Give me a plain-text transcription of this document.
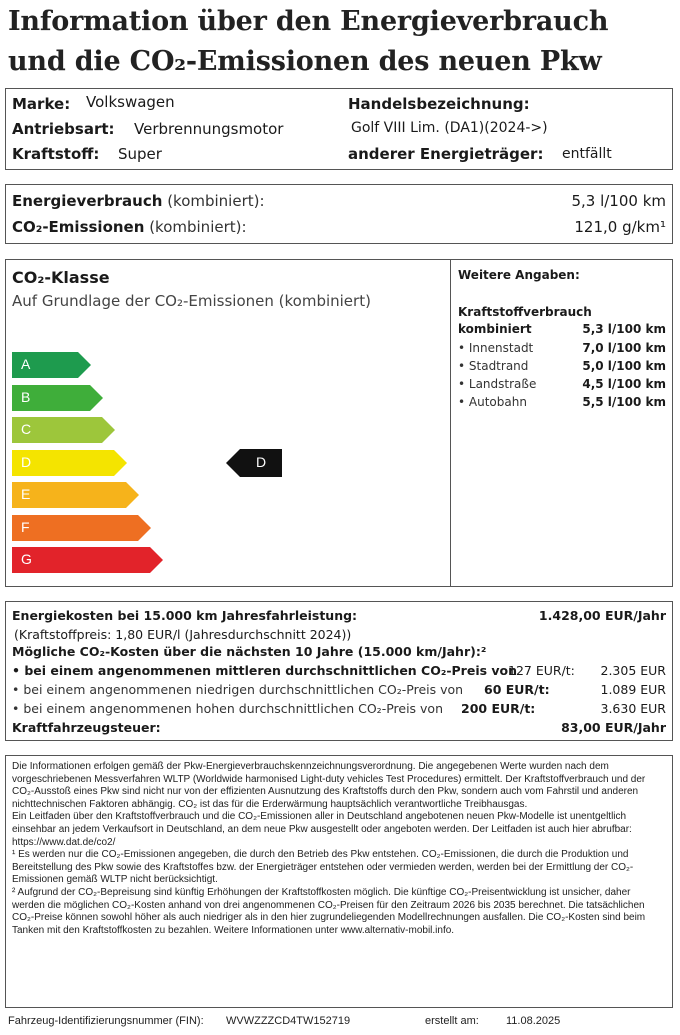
Information über den Energieverbrauch
und die CO₂-Emissionen des neuen Pkw
Marke: Volkswagen
Antriebsart: Verbrennungsmotor
Kraftstoff: Super
Handelsbezeichnung:
Golf VIII Lim. (DA1)(2024->)
anderer Energieträger: entfällt
Energieverbrauch (kombiniert):	5,3 l/100 km
CO₂-Emissionen (kombiniert):	121,0 g/km¹
CO₂-Klasse
Auf Grundlage der CO₂-Emissionen (kombiniert)
A
B
C
D
E
F
G
D
Weitere Angaben:
Kraftstoffverbrauch
kombiniert	5,3 l/100 km
• Innenstadt	7,0 l/100 km
• Stadtrand	5,0 l/100 km
• Landstraße	4,5 l/100 km
• Autobahn	5,5 l/100 km
Energiekosten bei 15.000 km Jahresfahrleistung:	1.428,00 EUR/Jahr
(Kraftstoffpreis: 1,80 EUR/l (Jahresdurchschnitt 2024))
Mögliche CO₂-Kosten über die nächsten 10 Jahre (15.000 km/Jahr):²
• bei einem angenommenen mittleren durchschnittlichen CO₂-Preis von
127 EUR/t: 2.305 EUR
• bei einem angenommenen niedrigen durchschnittlichen CO₂-Preis von 60 EUR/t:	1.089 EUR
• bei einem angenommenen hohen durchschnittlichen CO₂-Preis von 200 EUR/t:	3.630 EUR
Kraftfahrzeugsteuer:	83,00 EUR/Jahr
Die Informationen erfolgen gemäß der Pkw-Energieverbrauchskennzeichnungsverordnung. Die angegebenen Werte wurden nach dem vorgeschriebenen Messverfahren WLTP (Worldwide harmonised Light-duty vehicles Test Procedures) ermittelt. Der Kraftstoffverbrauch und der CO₂-Ausstoß eines Pkw sind nicht nur von der effizienten Ausnutzung des Kraftstoffs durch den Pkw, sondern auch vom Fahrstil und anderen nichttechnischen Faktoren abhängig. CO₂ ist das für die Erderwärmung hauptsächlich verantwortliche Treibhausgas.
Ein Leitfaden über den Kraftstoffverbrauch und die CO₂-Emissionen aller in Deutschland angebotenen neuen Pkw-Modelle ist unentgeltlich einsehbar an jedem Verkaufsort in Deutschland, an dem neue Pkw ausgestellt oder angeboten werden. Der Leitfaden ist auch hier abrufbar: https://www.dat.de/co2/
¹ Es werden nur die CO₂-Emissionen angegeben, die durch den Betrieb des Pkw entstehen. CO₂-Emissionen, die durch die Produktion und Bereitstellung des Pkw sowie des Kraftstoffes bzw. der Energieträger entstehen oder vermieden werden, werden bei der Ermittlung der CO₂-Emissionen gemäß WLTP nicht berücksichtigt.
² Aufgrund der CO₂-Bepreisung sind künftig Erhöhungen der Kraftstoffkosten möglich. Die künftige CO₂-Preisentwicklung ist unsicher, daher werden die möglichen CO₂-Kosten anhand von drei angenommenen CO₂-Preisen für den Zeitraum 2026 bis 2035 berechnet. Die tatsächlichen CO₂-Preise können sowohl höher als auch niedriger als in den hier zugrundeliegenden Modellrechnungen ausfallen. Die CO₂-Kosten sind beim Tanken mit den Kraftstoffkosten zu bezahlen. Weitere Informationen unter www.alternativ-mobil.info.
Fahrzeug-Identifizierungsnummer (FIN): WVWZZZCD4TW152719	erstellt am: 11.08.2025
